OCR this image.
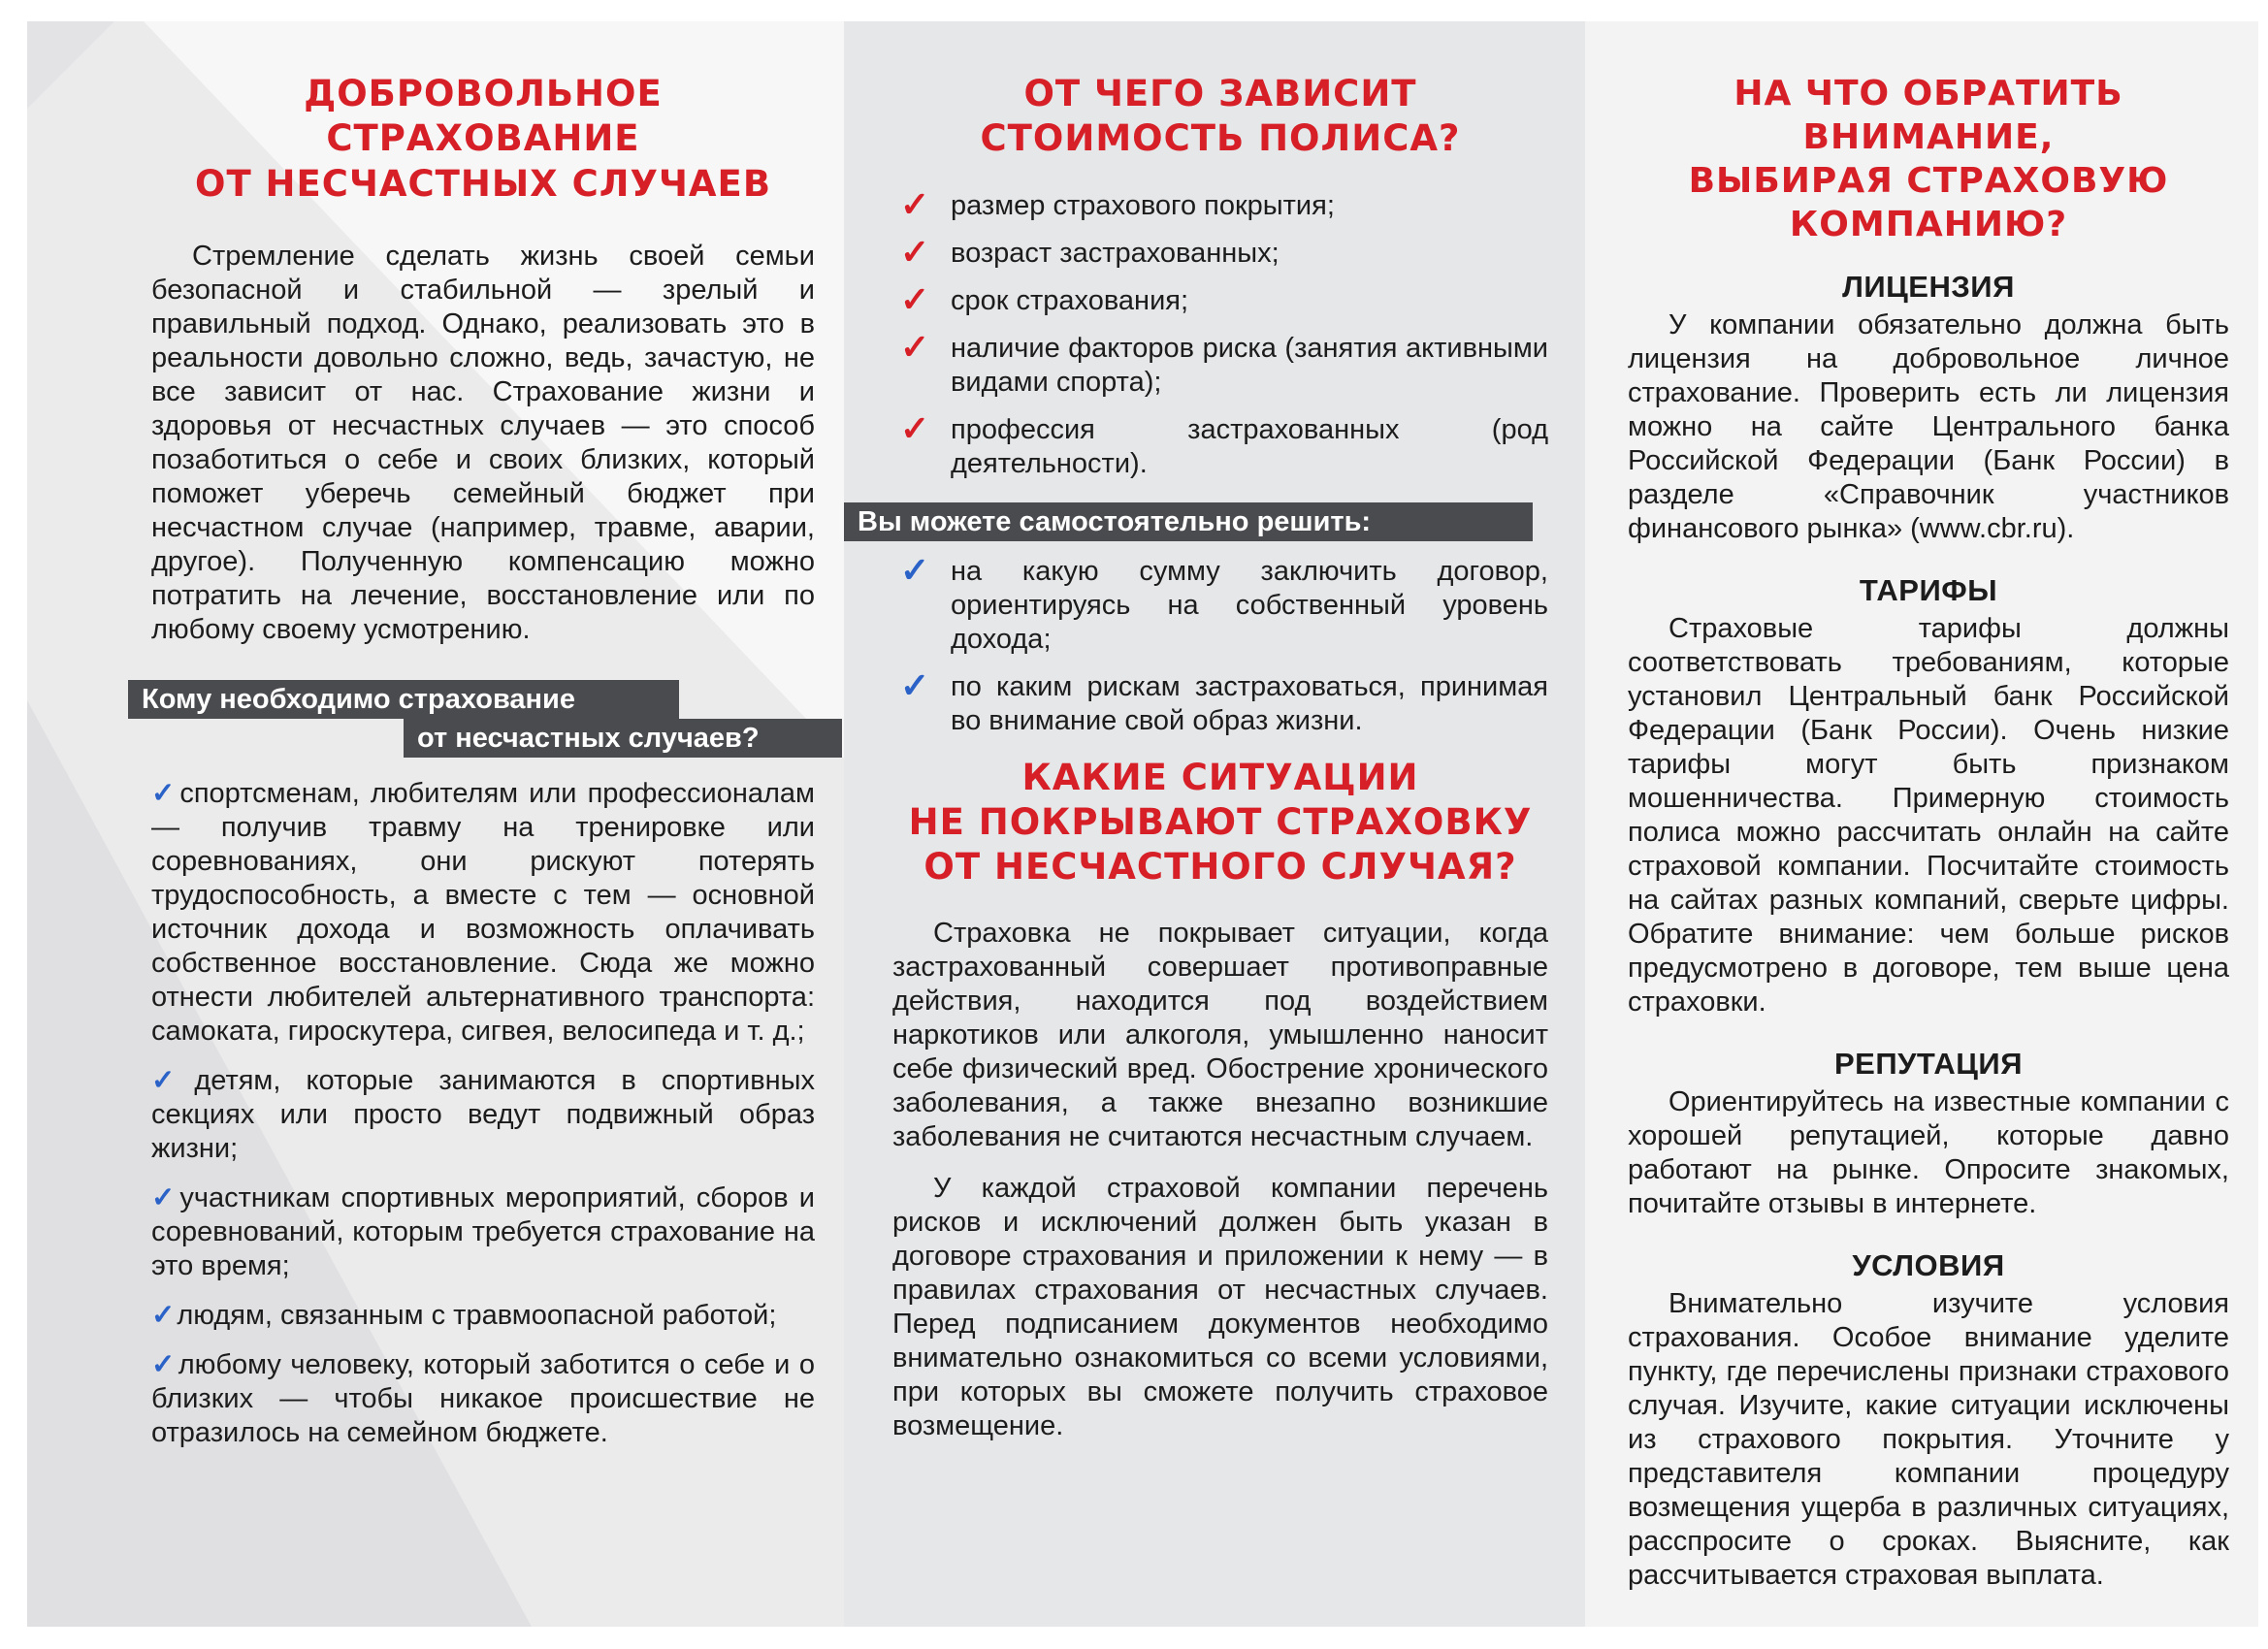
ДОБРОВОЛЬНОЕ СТРАХОВАНИЕ
ОТ НЕСЧАСТНЫХ СЛУЧАЕВ

Стремление сделать жизнь своей семьи безопасной и стабильной — зрелый и правильный подход. Однако, реализовать это в реальности довольно сложно, ведь, зачастую, не все зависит от нас. Страхование жизни и здоровья от несчастных случаев — это способ позаботиться о себе и своих близких, который поможет уберечь семейный бюджет при несчастном случае (например, травме, аварии, другое). Полученную компенсацию можно потратить на лечение, восстановление или по любому своему усмотрению.

Кому необходимо страхование
от несчастных случаев?
✓спортсменам, любителям или профессионалам — получив травму на тренировке или соревнованиях, они рискуют потерять трудоспособность, а вместе с тем — основной источник дохода и возможность оплачивать собственное восстановление. Сюда же можно отнести любителей альтернативного транспорта: самоката, гироскутера, сигвея, велосипеда и т. д.;
✓детям, которые занимаются в спортивных секциях или просто ведут подвижный образ жизни;
✓участникам спортивных мероприятий, сборов и соревнований, которым требуется страхование на это время;
✓людям, связанным с травмоопасной работой;
✓любому человеку, который заботится о себе и о близких — чтобы никакое происшествие не отразилось на семейном бюджете.
ОТ ЧЕГО ЗАВИСИТ
СТОИМОСТЬ ПОЛИСА?
✓ размер страхового покрытия;
✓ возраст застрахованных;
✓ срок страхования;
✓ наличие факторов риска (занятия активными видами спорта);
✓ профессия застрахованных (род деятельности).
Вы можете самостоятельно решить:
✓ на какую сумму заключить договор, ориентируясь на собственный уровень дохода;
✓ по каким рискам застраховаться, принимая во внимание свой образ жизни.
КАКИЕ СИТУАЦИИ
НЕ ПОКРЫВАЮТ СТРАХОВКУ
ОТ НЕСЧАСТНОГО СЛУЧАЯ?

Страховка не покрывает ситуации, когда застрахованный совершает противоправные действия, находится под воздействием наркотиков или алкоголя, умышленно наносит себе физический вред. Обострение хронического заболевания, а также внезапно возникшие заболевания не считаются несчастным случаем.

У каждой страховой компании перечень рисков и исключений должен быть указан в договоре страхования и приложении к нему — в правилах страхования от несчастных случаев. Перед подписанием документов необходимо внимательно ознакомиться со всеми условиями, при которых вы сможете получить страховое возмещение.

НА ЧТО ОБРАТИТЬ ВНИМАНИЕ,
ВЫБИРАЯ СТРАХОВУЮ
КОМПАНИЮ?
ЛИЦЕНЗИЯ

У компании обязательно должна быть лицензия на добровольное личное страхование. Проверить есть ли лицензия можно на сайте Центрального банка Российской Федерации (Банк России) в разделе «Справочник участников финансового рынка» (www.cbr.ru).

ТАРИФЫ

Страховые тарифы должны соответствовать требованиям, которые установил Центральный банк Российской Федерации (Банк России). Очень низкие тарифы могут быть признаком мошенничества. Примерную стоимость полиса можно рассчитать онлайн на сайте страховой компании. Посчитайте стоимость на сайтах разных компаний, сверьте цифры. Обратите внимание: чем больше рисков предусмотрено в договоре, тем выше цена страховки.

РЕПУТАЦИЯ

Ориентируйтесь на известные компании с хорошей репутацией, которые давно работают на рынке. Опросите знакомых, почитайте отзывы в интернете.

УСЛОВИЯ

Внимательно изучите условия страхования. Особое внимание уделите пункту, где перечислены признаки страхового случая. Изучите, какие ситуации исключены из страхового покрытия. Уточните у представителя компании процедуру возмещения ущерба в различных ситуациях, расспросите о сроках. Выясните, как рассчитывается страховая выплата.
